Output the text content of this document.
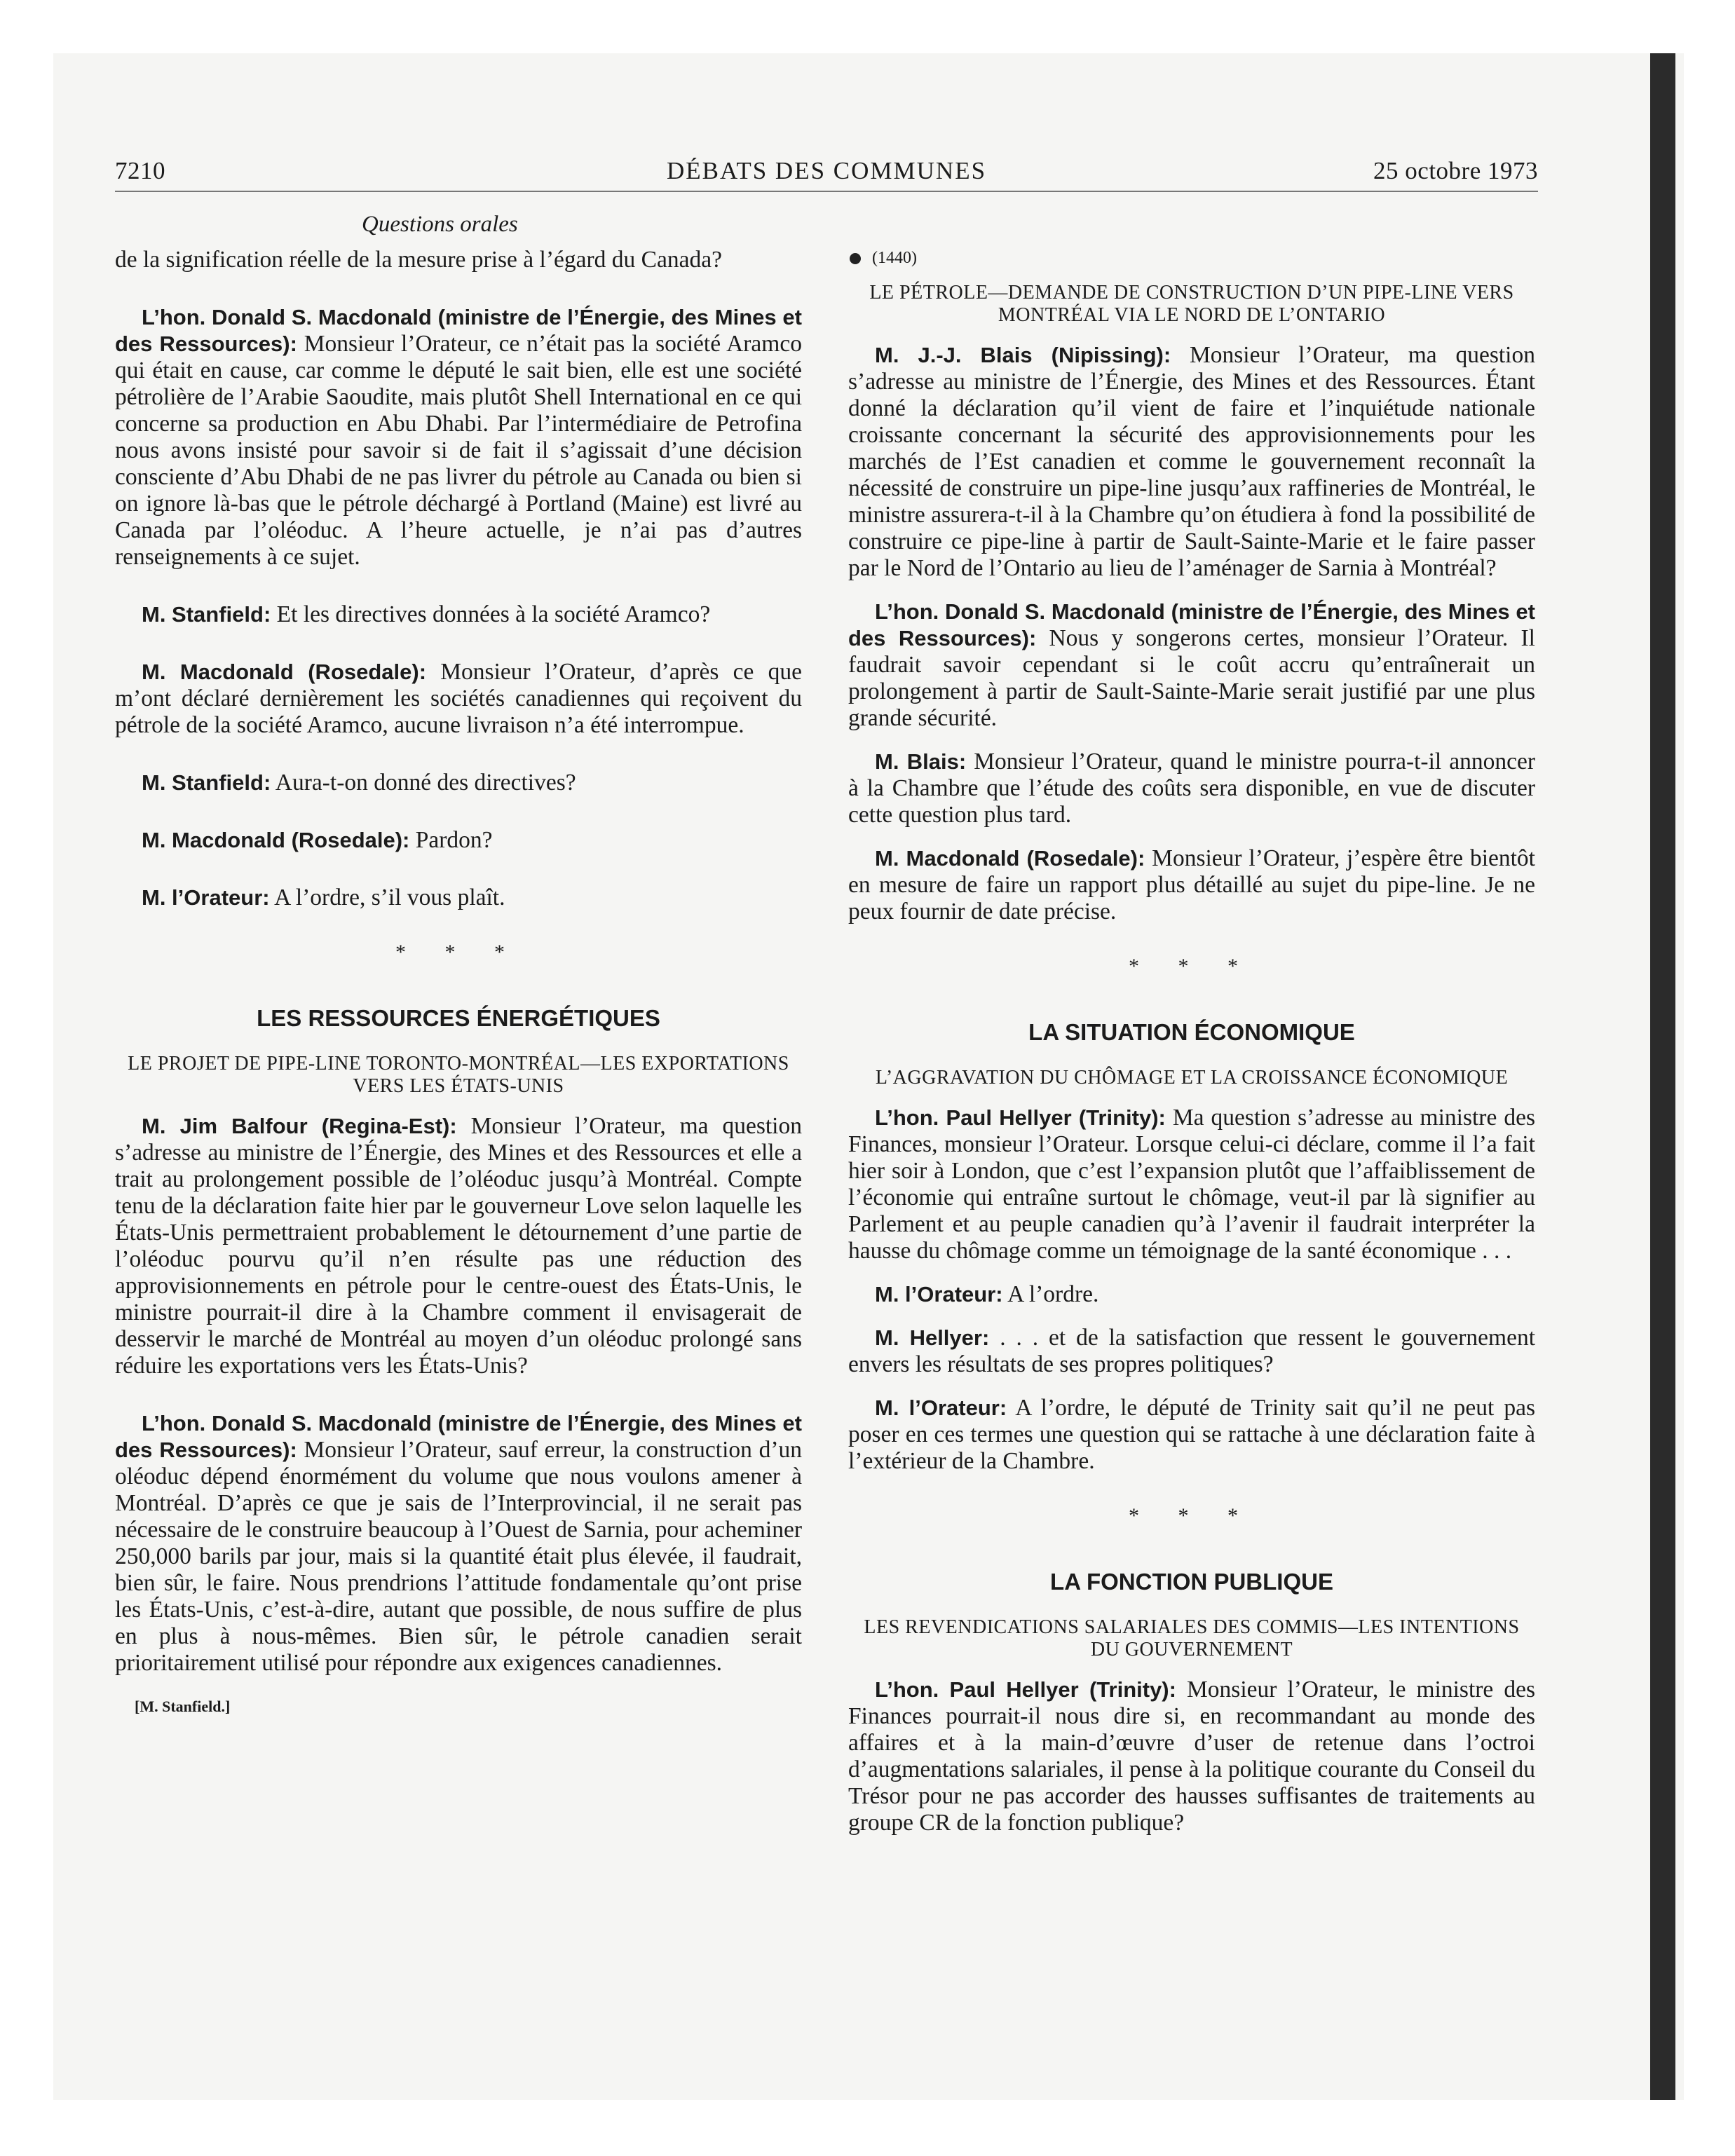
7210	DÉBATS DES COMMUNES	25 octobre 1973
Questions orales

de la signification réelle de la mesure prise à l’égard du Canada?

L’hon. Donald S. Macdonald (ministre de l’Énergie, des Mines et des Ressources): Monsieur l’Orateur, ce n’était pas la société Aramco qui était en cause, car comme le député le sait bien, elle est une société pétrolière de l’Arabie Saoudite, mais plutôt Shell International en ce qui concerne sa production en Abu Dhabi. Par l’intermédiaire de Petrofina nous avons insisté pour savoir si de fait il s’agissait d’une décision consciente d’Abu Dhabi de ne pas livrer du pétrole au Canada ou bien si on ignore là-bas que le pétrole déchargé à Portland (Maine) est livré au Canada par l’oléoduc. A l’heure actuelle, je n’ai pas d’autres renseignements à ce sujet.

M. Stanfield: Et les directives données à la société Aramco?

M. Macdonald (Rosedale): Monsieur l’Orateur, d’après ce que m’ont déclaré dernièrement les sociétés canadiennes qui reçoivent du pétrole de la société Aramco, aucune livraison n’a été interrompue.

M. Stanfield: Aura-t-on donné des directives?

M. Macdonald (Rosedale): Pardon?

M. l’Orateur: A l’ordre, s’il vous plaît.

* * *
LES RESSOURCES ÉNERGÉTIQUES
LE PROJET DE PIPE-LINE TORONTO-MONTRÉAL—LES EXPORTATIONS VERS LES ÉTATS-UNIS

M. Jim Balfour (Regina-Est): Monsieur l’Orateur, ma question s’adresse au ministre de l’Énergie, des Mines et des Ressources et elle a trait au prolongement possible de l’oléoduc jusqu’à Montréal. Compte tenu de la déclaration faite hier par le gouverneur Love selon laquelle les États-Unis permettraient probablement le détournement d’une partie de l’oléoduc pourvu qu’il n’en résulte pas une réduction des approvisionnements en pétrole pour le centre-ouest des États-Unis, le ministre pourrait-il dire à la Chambre comment il envisagerait de desservir le marché de Montréal au moyen d’un oléoduc prolongé sans réduire les exportations vers les États-Unis?

L’hon. Donald S. Macdonald (ministre de l’Énergie, des Mines et des Ressources): Monsieur l’Orateur, sauf erreur, la construction d’un oléoduc dépend énormément du volume que nous voulons amener à Montréal. D’après ce que je sais de l’Interprovincial, il ne serait pas nécessaire de le construire beaucoup à l’Ouest de Sarnia, pour acheminer 250,000 barils par jour, mais si la quantité était plus élevée, il faudrait, bien sûr, le faire. Nous prendrions l’attitude fondamentale qu’ont prise les États-Unis, c’est-à-dire, autant que possible, de nous suffire de plus en plus à nous-mêmes. Bien sûr, le pétrole canadien serait prioritairement utilisé pour répondre aux exigences canadiennes.

[M. Stanfield.]
(1440)
LE PÉTROLE—DEMANDE DE CONSTRUCTION D’UN PIPE-LINE VERS MONTRÉAL VIA LE NORD DE L’ONTARIO

M. J.-J. Blais (Nipissing): Monsieur l’Orateur, ma question s’adresse au ministre de l’Énergie, des Mines et des Ressources. Étant donné la déclaration qu’il vient de faire et l’inquiétude nationale croissante concernant la sécurité des approvisionnements pour les marchés de l’Est canadien et comme le gouvernement reconnaît la nécessité de construire un pipe-line jusqu’aux raffineries de Montréal, le ministre assurera-t-il à la Chambre qu’on étudiera à fond la possibilité de construire ce pipe-line à partir de Sault-Sainte-Marie et le faire passer par le Nord de l’Ontario au lieu de l’aménager de Sarnia à Montréal?

L’hon. Donald S. Macdonald (ministre de l’Énergie, des Mines et des Ressources): Nous y songerons certes, monsieur l’Orateur. Il faudrait savoir cependant si le coût accru qu’entraînerait un prolongement à partir de Sault-Sainte-Marie serait justifié par une plus grande sécurité.

M. Blais: Monsieur l’Orateur, quand le ministre pourra-t-il annoncer à la Chambre que l’étude des coûts sera disponible, en vue de discuter cette question plus tard.

M. Macdonald (Rosedale): Monsieur l’Orateur, j’espère être bientôt en mesure de faire un rapport plus détaillé au sujet du pipe-line. Je ne peux fournir de date précise.

* * *
LA SITUATION ÉCONOMIQUE
L’AGGRAVATION DU CHÔMAGE ET LA CROISSANCE ÉCONOMIQUE

L’hon. Paul Hellyer (Trinity): Ma question s’adresse au ministre des Finances, monsieur l’Orateur. Lorsque celui-ci déclare, comme il l’a fait hier soir à London, que c’est l’expansion plutôt que l’affaiblissement de l’économie qui entraîne surtout le chômage, veut-il par là signifier au Parlement et au peuple canadien qu’à l’avenir il faudrait interpréter la hausse du chômage comme un témoignage de la santé économique . . .

M. l’Orateur: A l’ordre.

M. Hellyer: . . . et de la satisfaction que ressent le gouvernement envers les résultats de ses propres politiques?

M. l’Orateur: A l’ordre, le député de Trinity sait qu’il ne peut pas poser en ces termes une question qui se rattache à une déclaration faite à l’extérieur de la Chambre.

* * *
LA FONCTION PUBLIQUE
LES REVENDICATIONS SALARIALES DES COMMIS—LES INTENTIONS DU GOUVERNEMENT

L’hon. Paul Hellyer (Trinity): Monsieur l’Orateur, le ministre des Finances pourrait-il nous dire si, en recommandant au monde des affaires et à la main-d’œuvre d’user de retenue dans l’octroi d’augmentations salariales, il pense à la politique courante du Conseil du Trésor pour ne pas accorder des hausses suffisantes de traitements au groupe CR de la fonction publique?
